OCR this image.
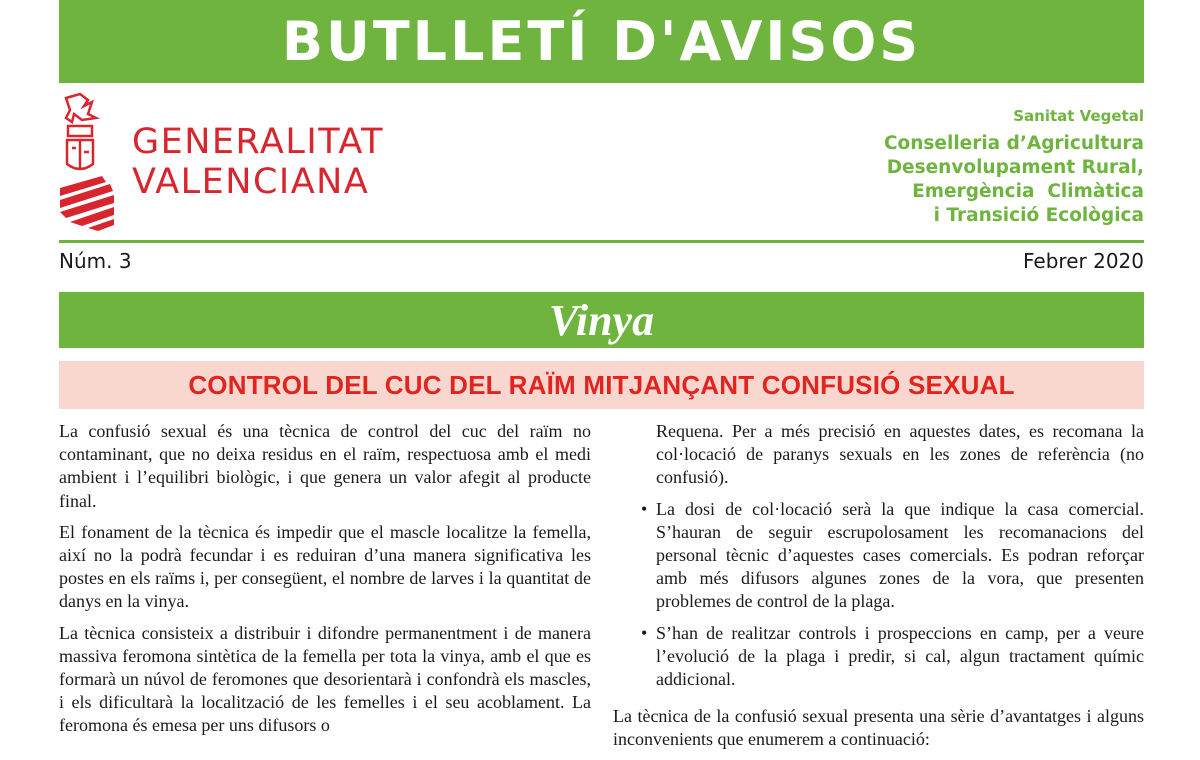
BUTLLETÍ D'AVISOS
GENERALITAT
VALENCIANA
Sanitat Vegetal
Conselleria d’Agricultura
Desenvolupament Rural,
Emergència  Climàtica
i Transició Ecològica
Núm. 3	Febrer 2020
Vinya
CONTROL DEL CUC DEL RAÏM MITJANÇANT CONFUSIÓ SEXUAL

La confusió sexual és una tècnica de control del cuc del raïm no contaminant, que no deixa residus en el raïm, respectuosa amb el medi ambient i l’equilibri biològic, i que genera un valor afegit al producte final.

El fonament de la tècnica és impedir que el mascle localitze la femella, així no la podrà fecundar i es reduiran d’una manera significativa les postes en els raïms i, per consegüent, el nombre de larves i la quantitat de danys en la vinya.

La tècnica consisteix a distribuir i difondre permanentment i de manera massiva feromona sintètica de la femella per tota la vinya, amb el que es formarà un núvol de feromones que desorientarà i confondrà els mascles, i els dificultarà la localització de les femelles i el seu acoblament. La feromona és emesa per uns difusors o

Requena. Per a més precisió en aquestes dates, es recomana la col·locació de paranys sexuals en les zones de referència (no confusió).

• La dosi de col·locació serà la que indique la casa comercial. S’hauran de seguir escrupolosament les recomanacions del personal tècnic d’aquestes cases comercials. Es podran reforçar amb més difusors algunes zones de la vora, que presenten problemes de control de la plaga.
• S’han de realitzar controls i prospeccions en camp, per a veure l’evolució de la plaga i predir, si cal, algun tractament químic addicional.

La tècnica de la confusió sexual presenta una sèrie d’avantatges i alguns inconvenients que enumerem a continuació:
